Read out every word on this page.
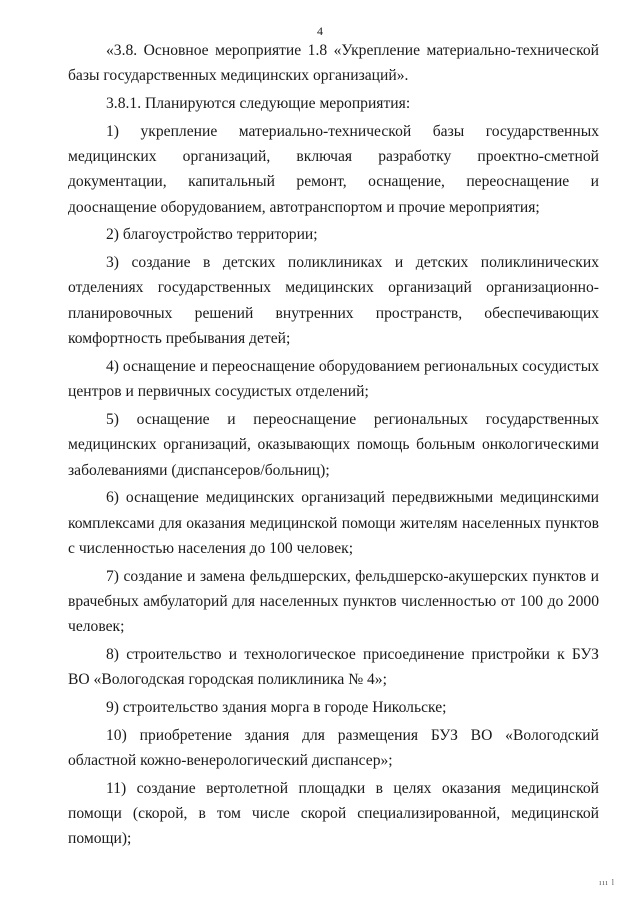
4

«3.8. Основное мероприятие 1.8 «Укрепление материально-технической базы государственных медицинских организаций».

3.8.1. Планируются следующие мероприятия:

1) укрепление материально-технической базы государственных медицинских организаций, включая разработку проектно-сметной документации, капитальный ремонт, оснащение, переоснащение и дооснащение оборудованием, автотранспортом и прочие мероприятия;

2) благоустройство территории;

3) создание в детских поликлиниках и детских поликлинических отделениях государственных медицинских организаций организационно-планировочных решений внутренних пространств, обеспечивающих комфортность пребывания детей;

4) оснащение и переоснащение оборудованием региональных сосудистых центров и первичных сосудистых отделений;

5) оснащение и переоснащение региональных государственных медицинских организаций, оказывающих помощь больным онкологическими заболеваниями (диспансеров/больниц);

6) оснащение медицинских организаций передвижными медицинскими комплексами для оказания медицинской помощи жителям населенных пунктов с численностью населения до 100 человек;

7) создание и замена фельдшерских, фельдшерско-акушерских пунктов и врачебных амбулаторий для населенных пунктов численностью от 100 до 2000 человек;

8) строительство и технологическое присоединение пристройки к БУЗ ВО «Вологодская городская поликлиника № 4»;

9) строительство здания морга в городе Никольске;

10) приобретение здания для размещения БУЗ ВО «Вологодский областной кожно-венерологический диспансер»;

11) создание вертолетной площадки в целях оказания медицинской помощи (скорой, в том числе скорой специализированной, медицинской помощи);

ııı l
